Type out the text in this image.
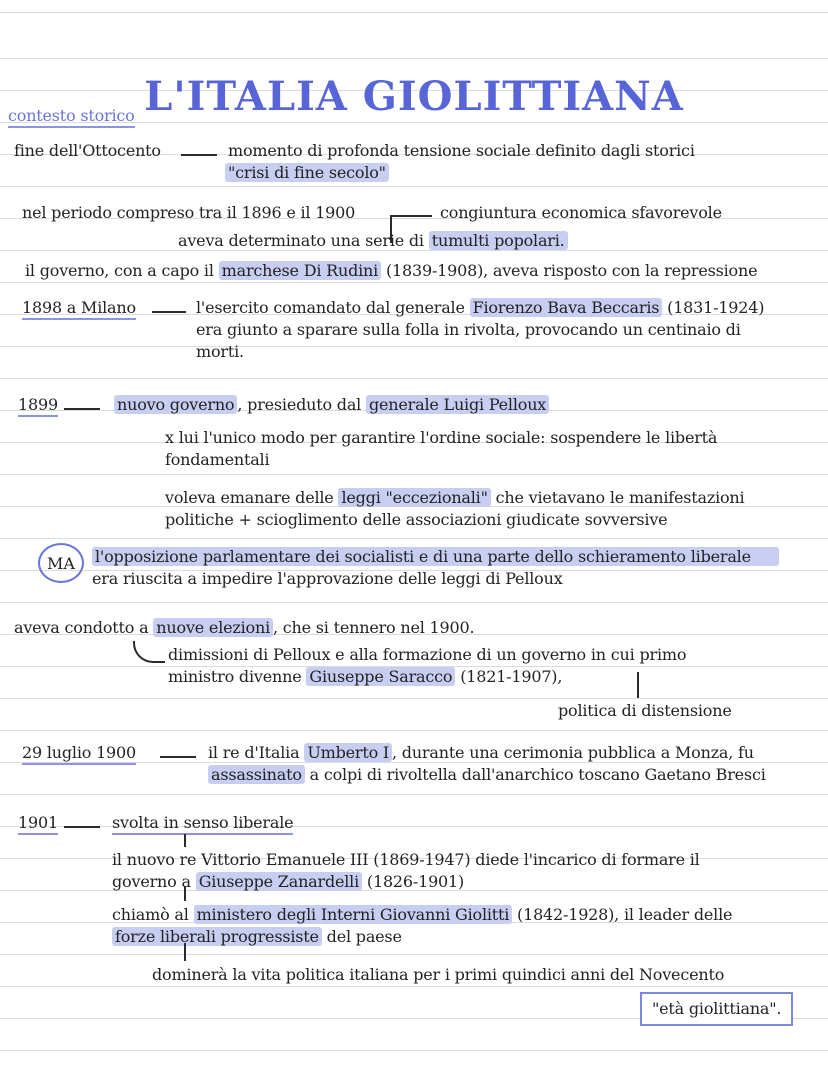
L'ITALIA GIOLITTIANA
contesto storico
fine dell'Ottocento	momento di profonda tensione sociale definito dagli storici
"crisi di fine secolo"
nel periodo compreso tra il 1896 e il 1900	congiuntura economica sfavorevole
aveva determinato una serie di tumulti popolari.
il governo, con a capo il marchese Di Rudini (1839-1908), aveva risposto con la repressione
1898 a Milano	l'esercito comandato dal generale Fiorenzo Bava Beccaris (1831-1924)
era giunto a sparare sulla folla in rivolta, provocando un centinaio di
morti.
1899	nuovo governo , presieduto dal generale Luigi Pelloux
x lui l'unico modo per garantire l'ordine sociale: sospendere le libertà
fondamentali
voleva emanare delle leggi "eccezionali" che vietavano le manifestazioni
politiche + scioglimento delle associazioni giudicate sovversive
MA l'opposizione parlamentare dei socialisti e di una parte dello schieramento liberale
era riuscita a impedire l'approvazione delle leggi di Pelloux
aveva condotto a nuove elezioni , che si tennero nel 1900.
dimissioni di Pelloux e alla formazione di un governo in cui primo
ministro divenne Giuseppe Saracco (1821-1907),
politica di distensione
29 luglio 1900	il re d'Italia Umberto I , durante una cerimonia pubblica a Monza, fu
assassinato a colpi di rivoltella dall'anarchico toscano Gaetano Bresci
1901	svolta in senso liberale
il nuovo re Vittorio Emanuele III (1869-1947) diede l'incarico di formare il
governo a Giuseppe Zanardelli (1826-1901)
chiamò al ministero degli Interni Giovanni Giolitti (1842-1928), il leader delle
forze liberali progressiste del paese
dominerà la vita politica italiana per i primi quindici anni del Novecento
"età giolittiana".
